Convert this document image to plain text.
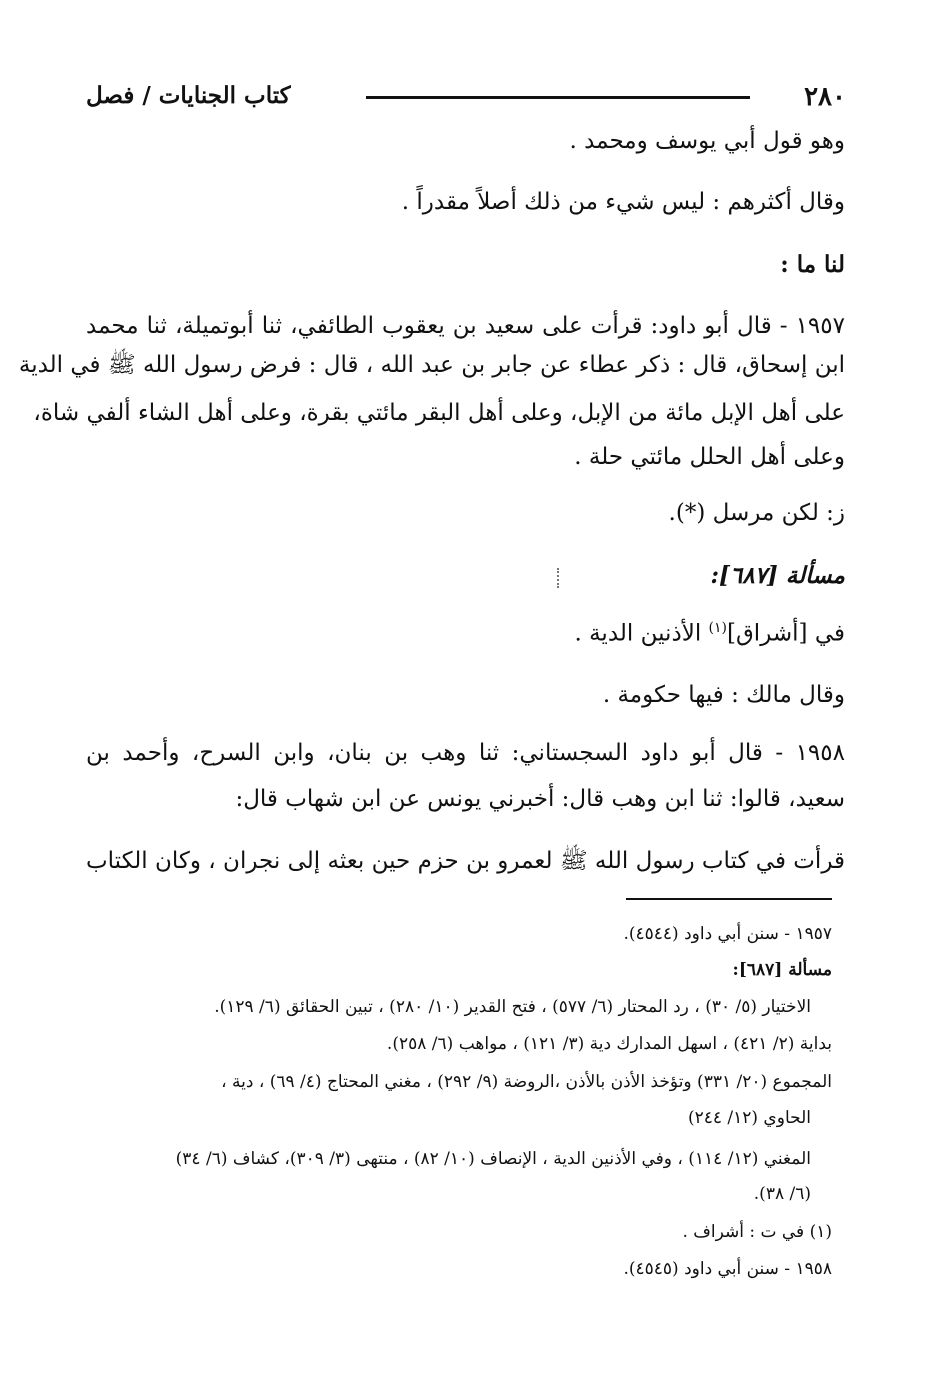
٢٨٠
كتاب الجنايات / فصل
وهو قول أبي يوسف ومحمد .
وقال أكثرهم : ليس شيء من ذلك أصلاً مقدراً .
لنا ما :
١٩٥٧ - قال أبو داود: قرأت على سعيد بن يعقوب الطائفي، ثنا أبوتميلة، ثنا محمد
ابن إسحاق، قال : ذكر عطاء عن جابر بن عبد الله ، قال : فرض رسول الله ﷺ في الدية
على أهل الإبل مائة من الإبل، وعلى أهل البقر مائتي بقرة، وعلى أهل الشاء ألفي شاة،
وعلى أهل الحلل مائتي حلة .
ز: لكن مرسل (*).
مسألة [٦٨٧]:
في [أشراق]$^{(١)}$ الأذنين الدية .
وقال مالك : فيها حكومة .
١٩٥٨ - قال أبو داود السجستاني: ثنا وهب بن بنان، وابن السرح، وأحمد بن
سعيد، قالوا: ثنا ابن وهب قال: أخبرني يونس عن ابن شهاب قال:
قرأت في كتاب رسول الله ﷺ لعمرو بن حزم حين بعثه إلى نجران ، وكان الكتاب
١٩٥٧ - سنن أبي داود (٤٥٤٤).
مسألة [٦٨٧]:
الاختيار (٥/ ٣٠) ، رد المحتار (٦/ ٥٧٧) ، فتح القدير (١٠/ ٢٨٠) ، تبين الحقائق (٦/ ١٢٩).
بداية (٢/ ٤٢١) ، اسهل المدارك دية (٣/ ١٢١) ، مواهب (٦/ ٢٥٨).
المجموع (٢٠/ ٣٣١) وتؤخذ الأذن بالأذن ،الروضة (٩/ ٢٩٢) ، مغني المحتاج (٤/ ٦٩) ، دية ،
الحاوي (١٢/ ٢٤٤)
المغني (١٢/ ١١٤) ، وفي الأذنين الدية ، الإنصاف (١٠/ ٨٢) ، منتهى (٣/ ٣٠٩)، كشاف (٦/ ٣٤)
(٦/ ٣٨).
(١) في ت : أشراف .
١٩٥٨ - سنن أبي داود (٤٥٤٥).
